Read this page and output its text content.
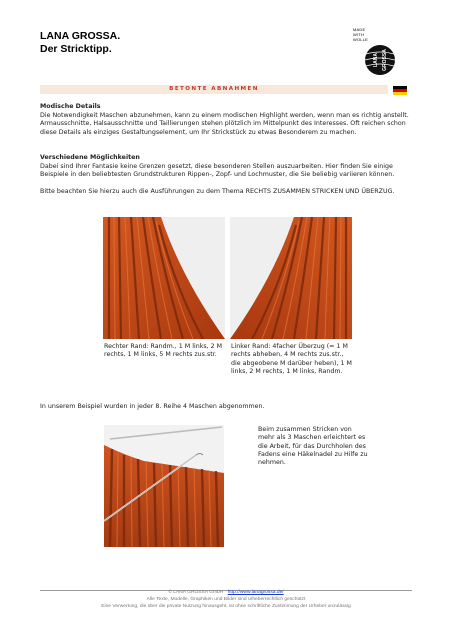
LANA GROSSA.
Der Stricktipp.
MADE
WITH
WOLLE
LANA GROSSA
BETONTE ABNAHMEN
Modische Details
Die Notwendigkeit Maschen abzunehmen, kann zu einem modischen Highlight werden, wenn man es richtig anstellt. Armausschnitte, Halsausschnitte und Taillierungen stehen plötzlich im Mittelpunkt des Interesses. Oft reichen schon diese Details als einziges Gestaltungselement, um Ihr Strickstück zu etwas Besonderem zu machen.
Verschiedene Möglichkeiten
Dabei sind Ihrer Fantasie keine Grenzen gesetzt, diese besonderen Stellen auszuarbeiten. Hier finden Sie einige Beispiele in den beliebtesten Grundstrukturen Rippen-, Zopf- und Lochmuster, die Sie beliebig variieren können.
Bitte beachten Sie hierzu auch die Ausführungen zu dem Thema RECHTS ZUSAMMEN STRICKEN UND ÜBERZUG.
Rechter Rand: Randm., 1 M links, 2 M rechts, 1 M links, 5 M rechts zus.str.
Linker Rand: 4facher Überzug (= 1 M rechts abheben, 4 M rechts zus.str., die abgeobene M darüber heben), 1 M links, 2 M rechts, 1 M links, Randm.
In unserem Beispiel wurden in jeder 8. Reihe 4 Maschen abgenommen.
Beim zusammen Stricken von mehr als 3 Maschen erleichtert es die Arbeit, für das Durchholen des Fadens eine Häkelnadel zu Hilfe zu nehmen.
© LANA GROSSA GmbH · http://www.lanagrossa.de/
Alle Texte, Modelle, Graphiken und Bilder sind urheberrechtlich geschützt
Eine Verwertung, die über die private Nutzung hinausgeht, ist ohne schriftliche Zustimmung der Urheber unzulässig
